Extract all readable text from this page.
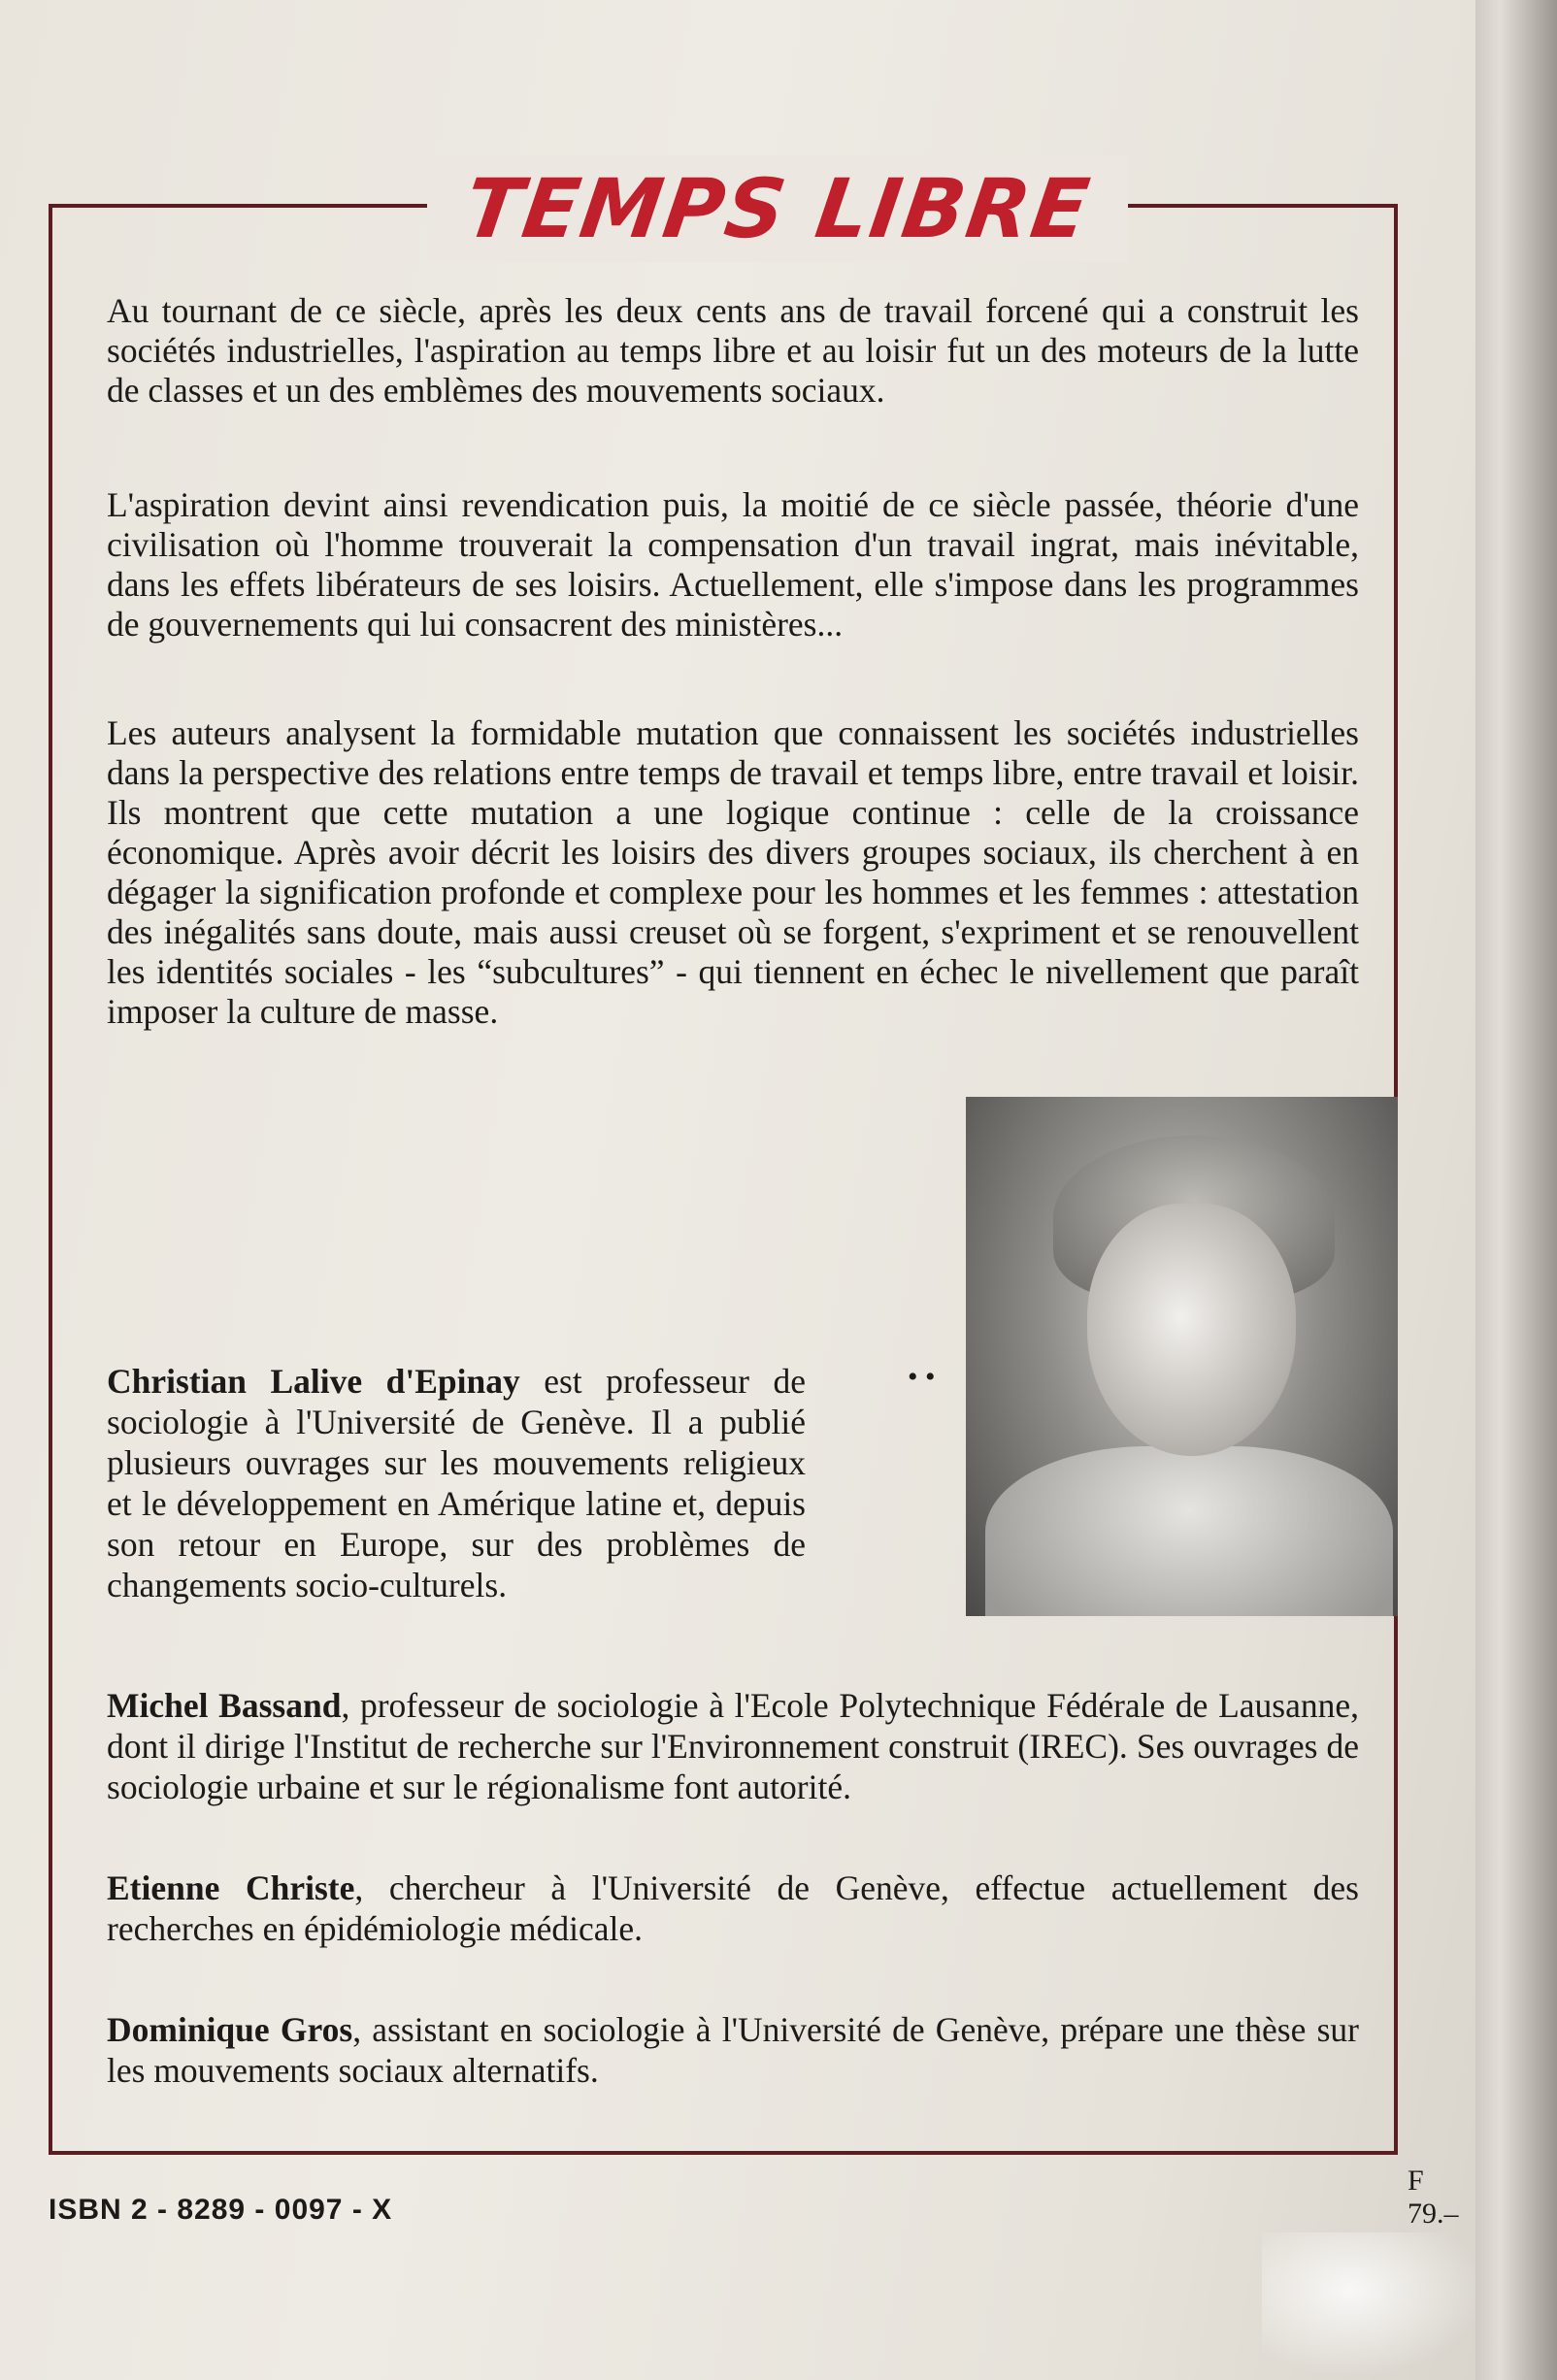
TEMPS LIBRE

Au tournant de ce siècle, après les deux cents ans de travail forcené qui a construit les sociétés industrielles, l'aspiration au temps libre et au loisir fut un des moteurs de la lutte de classes et un des emblèmes des mouvements sociaux.

L'aspiration devint ainsi revendication puis, la moitié de ce siècle passée, théorie d'une civilisation où l'homme trouverait la compensation d'un travail ingrat, mais inévitable, dans les effets libérateurs de ses loisirs. Actuellement, elle s'impose dans les programmes de gouvernements qui lui consacrent des ministères...

Les auteurs analysent la formidable mutation que connaissent les sociétés industrielles dans la perspective des relations entre temps de travail et temps libre, entre travail et loisir. Ils montrent que cette mutation a une logique continue : celle de la croissance économique. Après avoir décrit les loisirs des divers groupes sociaux, ils cherchent à en dégager la signification profonde et complexe pour les hommes et les femmes : attestation des inégalités sans doute, mais aussi creuset où se forgent, s'expriment et se renouvellent les identités sociales - les “subcultures” - qui tiennent en échec le nivellement que paraît imposer la culture de masse.

• •

Christian Lalive d'Epinay est professeur de sociologie à l'Université de Genève. Il a publié plusieurs ouvrages sur les mouvements religieux et le développement en Amérique latine et, depuis son retour en Europe, sur des problèmes de changements socio-culturels.

Michel Bassand, professeur de sociologie à l'Ecole Polytechnique Fédérale de Lausanne, dont il dirige l'Institut de recherche sur l'Environnement construit (IREC). Ses ouvrages de sociologie urbaine et sur le régionalisme font autorité.

Etienne Christe, chercheur à l'Université de Genève, effectue actuellement des recherches en épidémiologie médicale.

Dominique Gros, assistant en sociologie à l'Université de Genève, prépare une thèse sur les mouvements sociaux alternatifs.

ISBN 2 - 8289 - 0097 - X
F 79.–
